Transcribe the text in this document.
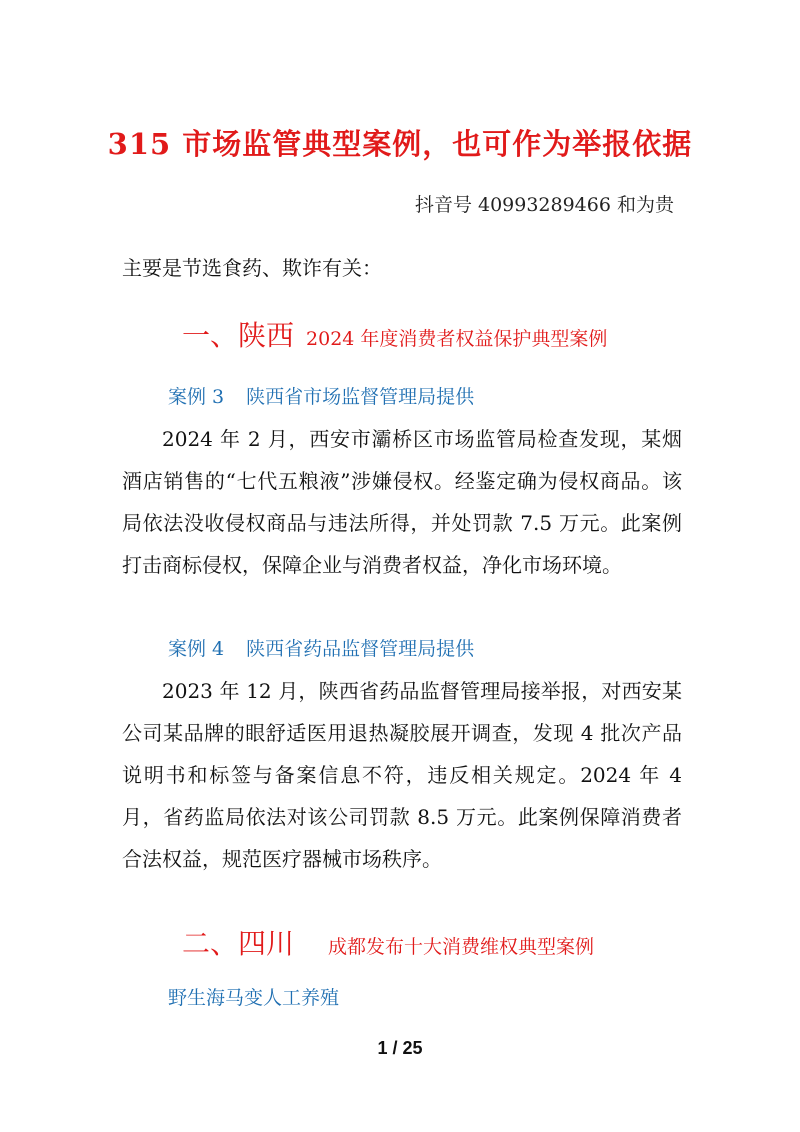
315 市场监管典型案例，也可作为举报依据
抖音号 40993289466 和为贵
主要是节选食药、欺诈有关：
一、陕西 2024 年度消费者权益保护典型案例
案例 3 陕西省市场监督管理局提供
2024 年 2 月，西安市灞桥区市场监管局检查发现，某烟酒店销售的“七代五粮液”涉嫌侵权。经鉴定确为侵权商品。该局依法没收侵权商品与违法所得，并处罚款 7.5 万元。此案例打击商标侵权，保障企业与消费者权益，净化市场环境。
案例 4 陕西省药品监督管理局提供
2023 年 12 月，陕西省药品监督管理局接举报，对西安某公司某品牌的眼舒适医用退热凝胶展开调查，发现 4 批次产品说明书和标签与备案信息不符，违反相关规定。2024 年 4 月，省药监局依法对该公司罚款 8.5 万元。此案例保障消费者合法权益，规范医疗器械市场秩序。
二、四川 成都发布十大消费维权典型案例
野生海马变人工养殖
1 / 25
